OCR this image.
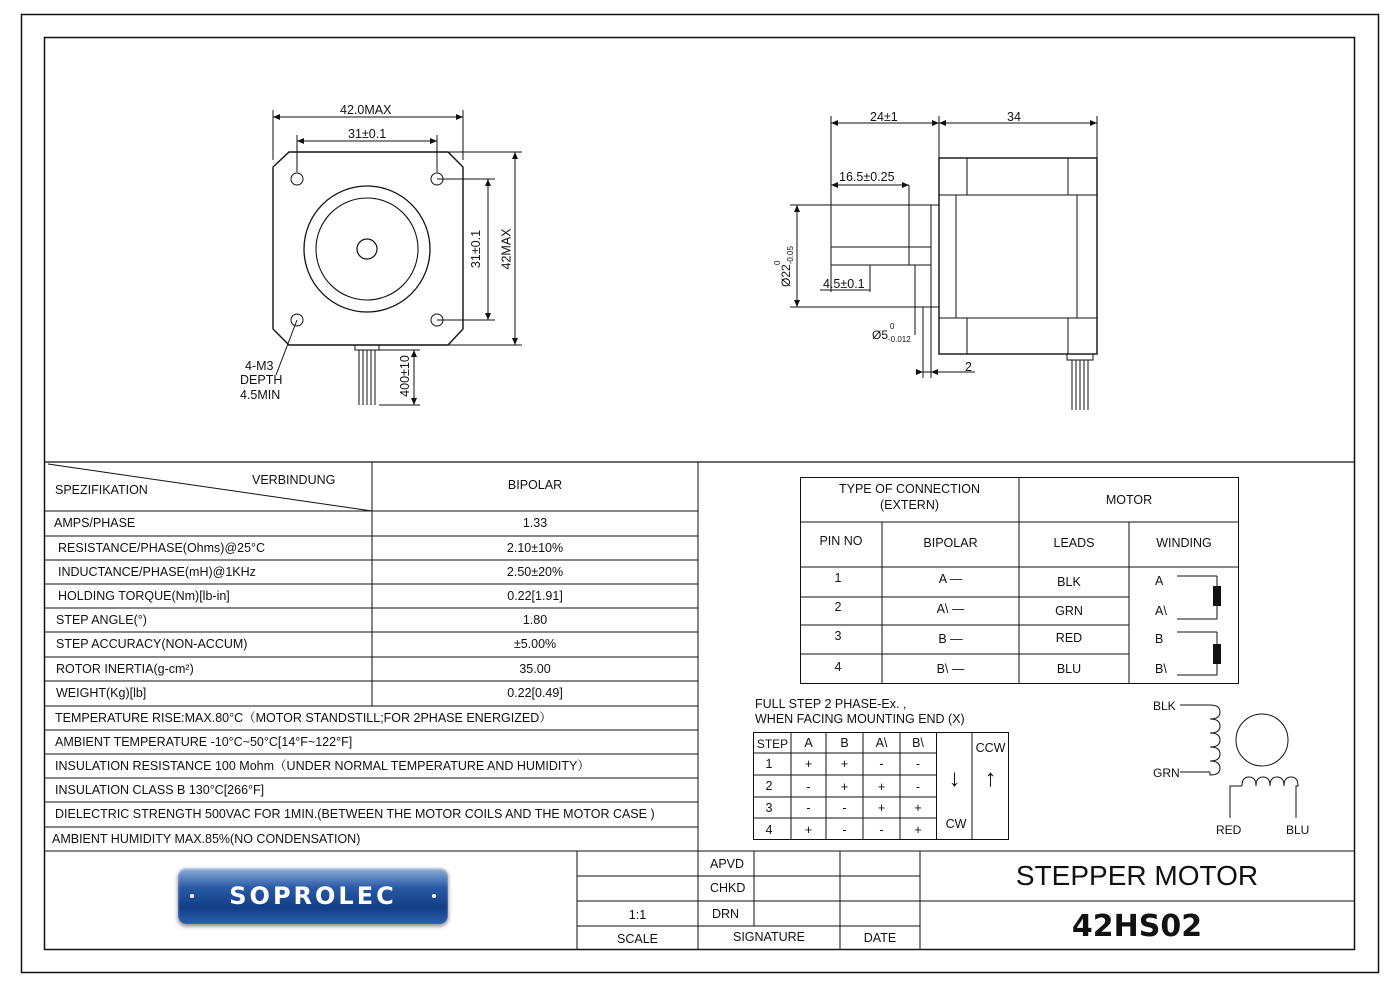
42.0MAX
31±0.1
31±0.1 42MAX
400±10
4-M3
DEPTH
4.5MIN
24±1	34
16.5±0.25
4.5±0.1
$Ø22_{-0.05}$
0
$Ø5_{-0.012}$
0
2
VERBINDUNG
SPEZIFIKATION	BIPOLAR
AMPS/PHASE	1.33
RESISTANCE/PHASE(Ohms)@25°C	2.10±10%
INDUCTANCE/PHASE(mH)@1KHz	2.50±20%
HOLDING TORQUE(Nm)[lb-in]	0.22[1.91]
STEP ANGLE(°)	1.80
STEP ACCURACY(NON-ACCUM)	±5.00%
ROTOR INERTIA(g-cm²)	35.00
WEIGHT(Kg)[lb]	0.22[0.49]
TEMPERATURE RISE:MAX.80°C（MOTOR STANDSTILL;FOR 2PHASE ENERGIZED）
AMBIENT TEMPERATURE -10°C~50°C[14°F~122°F]
INSULATION RESISTANCE 100 Mohm（UNDER NORMAL TEMPERATURE AND HUMIDITY）
INSULATION CLASS B 130°C[266°F]
DIELECTRIC STRENGTH 500VAC FOR 1MIN.(BETWEEN THE MOTOR COILS AND THE MOTOR CASE )
AMBIENT HUMIDITY MAX.85%(NO CONDENSATION)
TYPE OF CONNECTION
(EXTERN)	MOTOR
PIN NO	BIPOLAR	LEADS	WINDING
1	A —	BLK	A
2	A\ —	GRN	A\
3	B —	RED	B
4	B\ —	BLU	B\
FULL STEP 2 PHASE-Ex. ,
WHEN FACING MOUNTING END (X)
STEP	A	B	A\	B\
1	+	+	-	-
2	-	+	+	-
3	-	-	+	+
4	+	-	-	+
↓	↑
CCW
CW
BLK
GRN
RED	BLU
SOPROLEC
APVD
CHKD
DRN
1:1
SCALE	SIGNATURE	DATE
STEPPER MOTOR
42HS02
